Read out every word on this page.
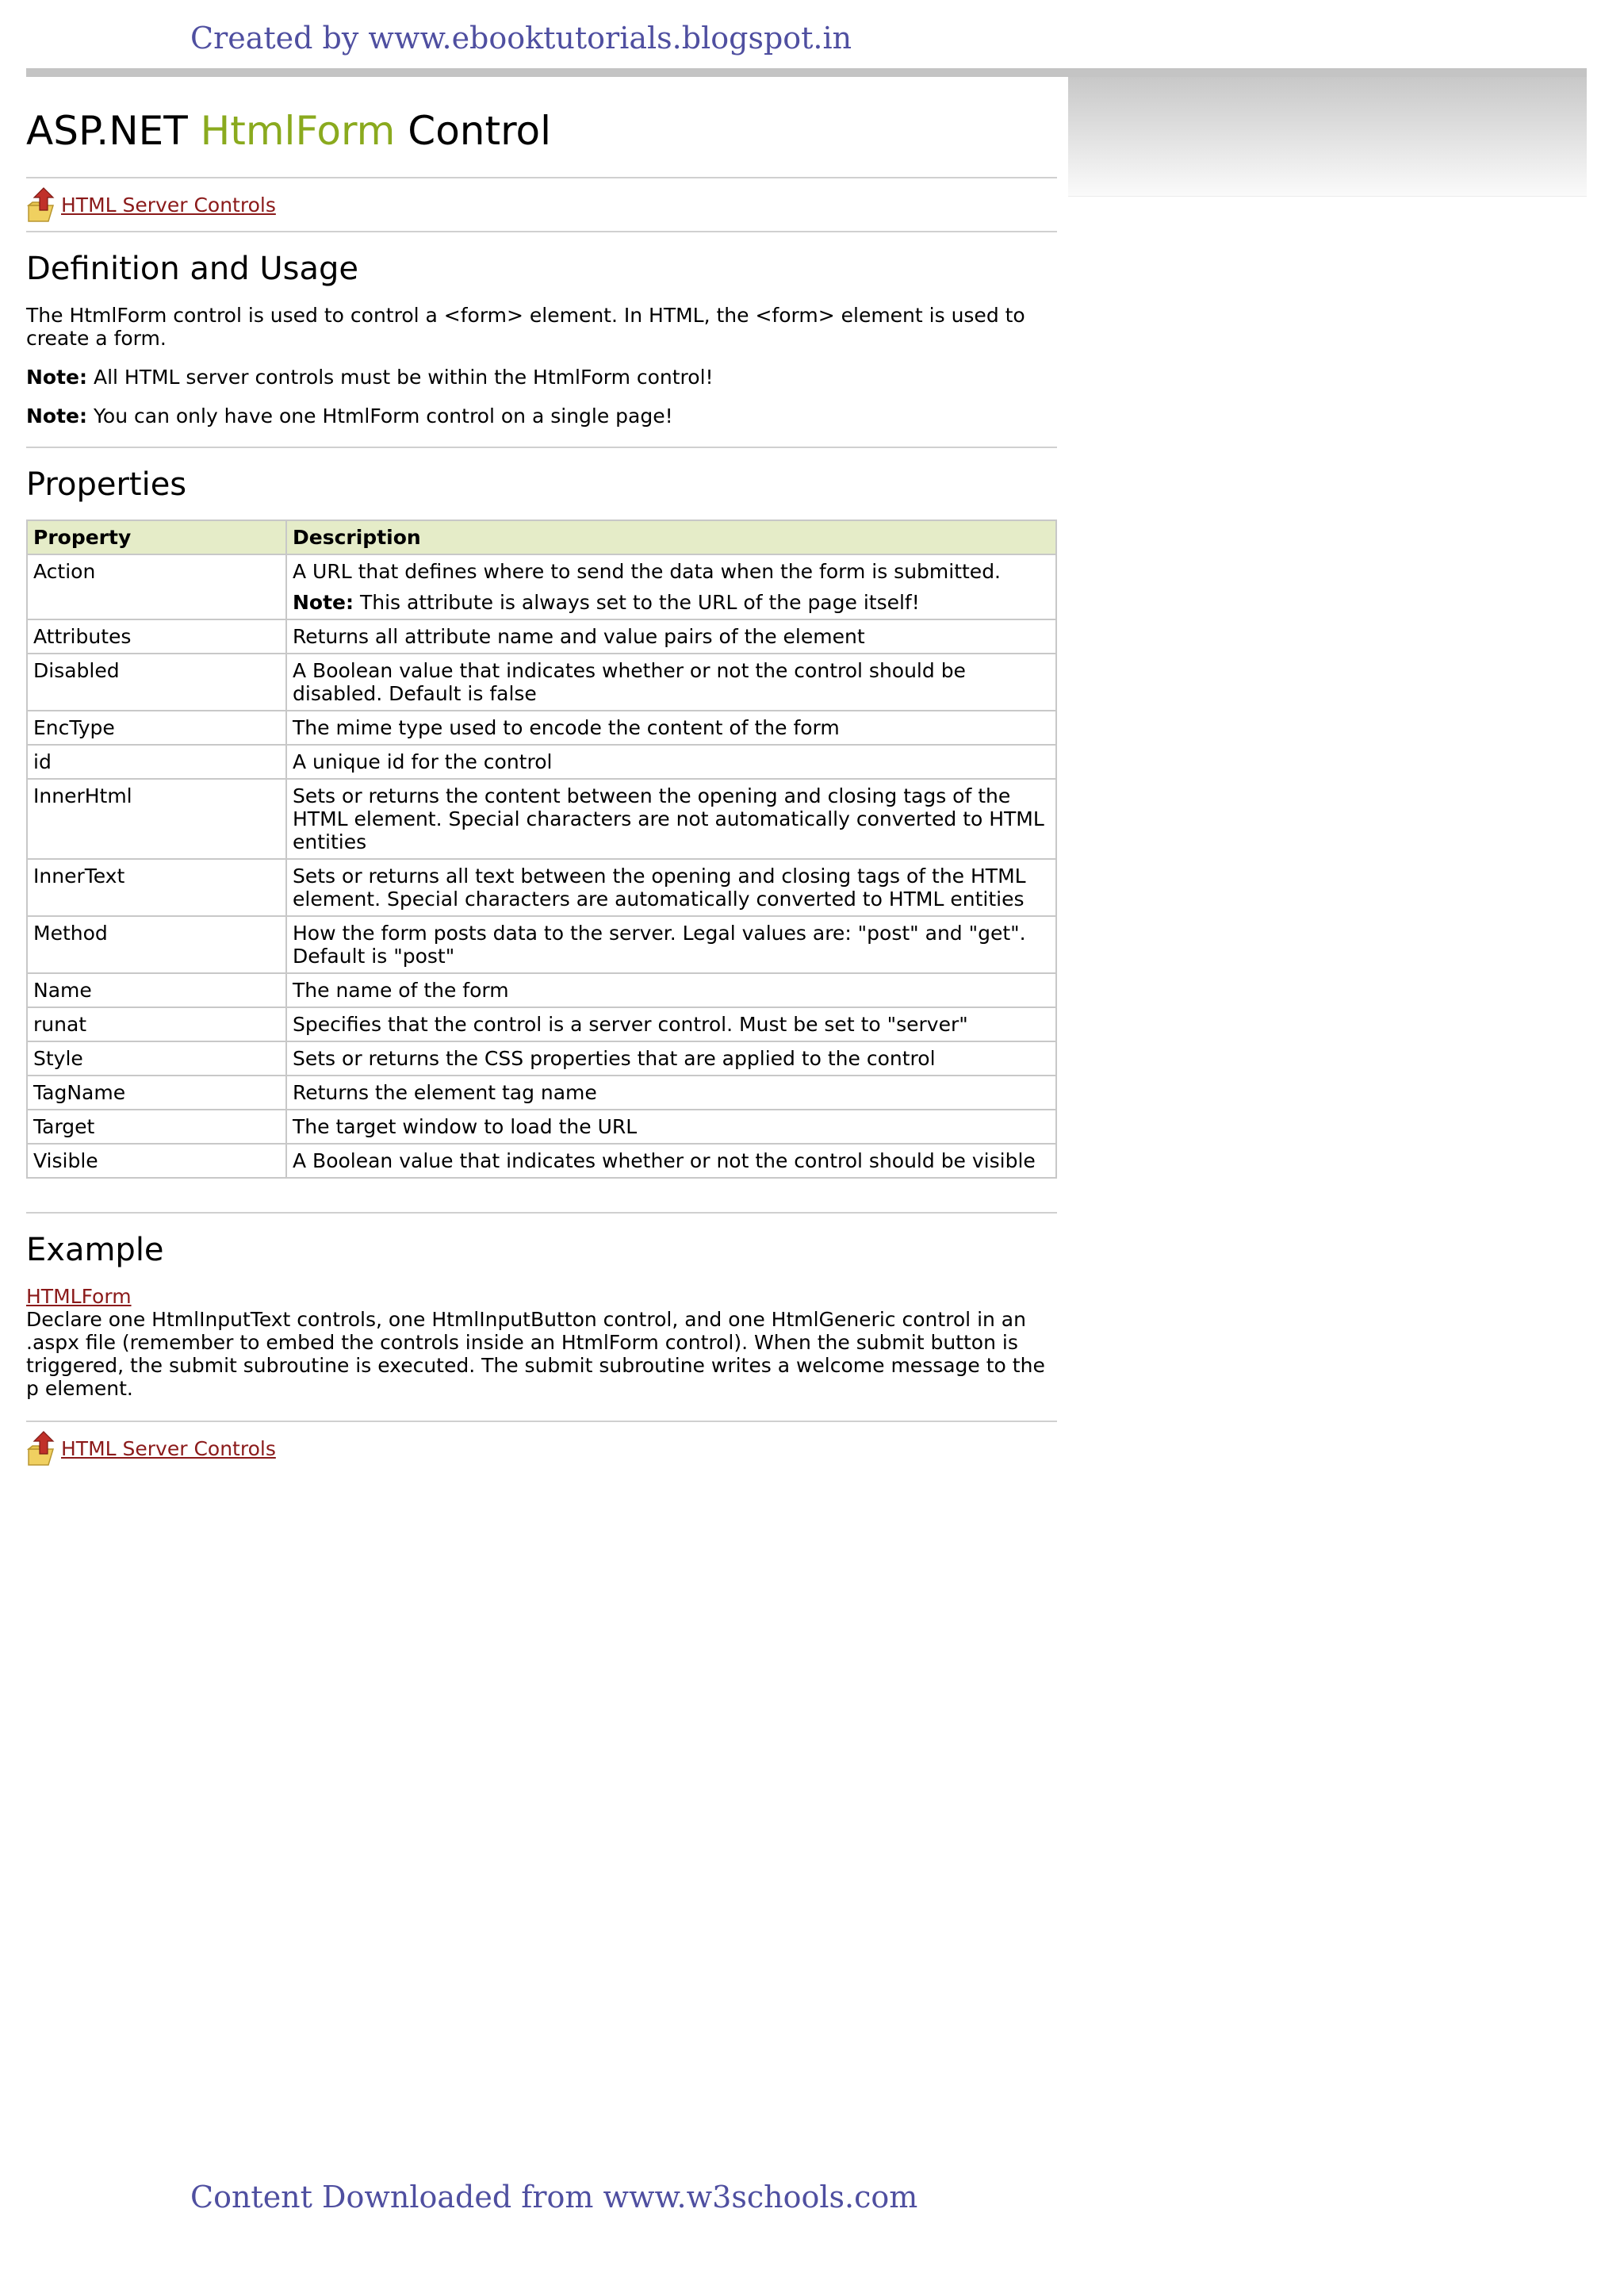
Created by www.ebooktutorials.blogspot.in
ASP.NET HtmlForm Control
HTML Server Controls
Definition and Usage

The HtmlForm control is used to control a <form> element. In HTML, the <form> element is used to create a form.

Note: All HTML server controls must be within the HtmlForm control!

Note: You can only have one HtmlForm control on a single page!

Properties
Property	Description
Action	A URL that defines where to send the data when the form is submitted.
Note: This attribute is always set to the URL of the page itself!

Attributes	Returns all attribute name and value pairs of the element
Disabled	A Boolean value that indicates whether or not the control should be disabled. Default is false
EncType	The mime type used to encode the content of the form
id	A unique id for the control
InnerHtml	Sets or returns the content between the opening and closing tags of the HTML element. Special characters are not automatically converted to HTML entities
InnerText	Sets or returns all text between the opening and closing tags of the HTML element. Special characters are automatically converted to HTML entities
Method	How the form posts data to the server. Legal values are: "post" and "get". Default is "post"
Name	The name of the form
runat	Specifies that the control is a server control. Must be set to "server"
Style	Sets or returns the CSS properties that are applied to the control
TagName	Returns the element tag name
Target	The target window to load the URL
Visible	A Boolean value that indicates whether or not the control should be visible
Example
HTMLForm

Declare one HtmlInputText controls, one HtmlInputButton control, and one HtmlGeneric control in an .aspx file (remember to embed the controls inside an HtmlForm control). When the submit button is triggered, the submit subroutine is executed. The submit subroutine writes a welcome message to the p element.

HTML Server Controls
Content Downloaded from www.w3schools.com
